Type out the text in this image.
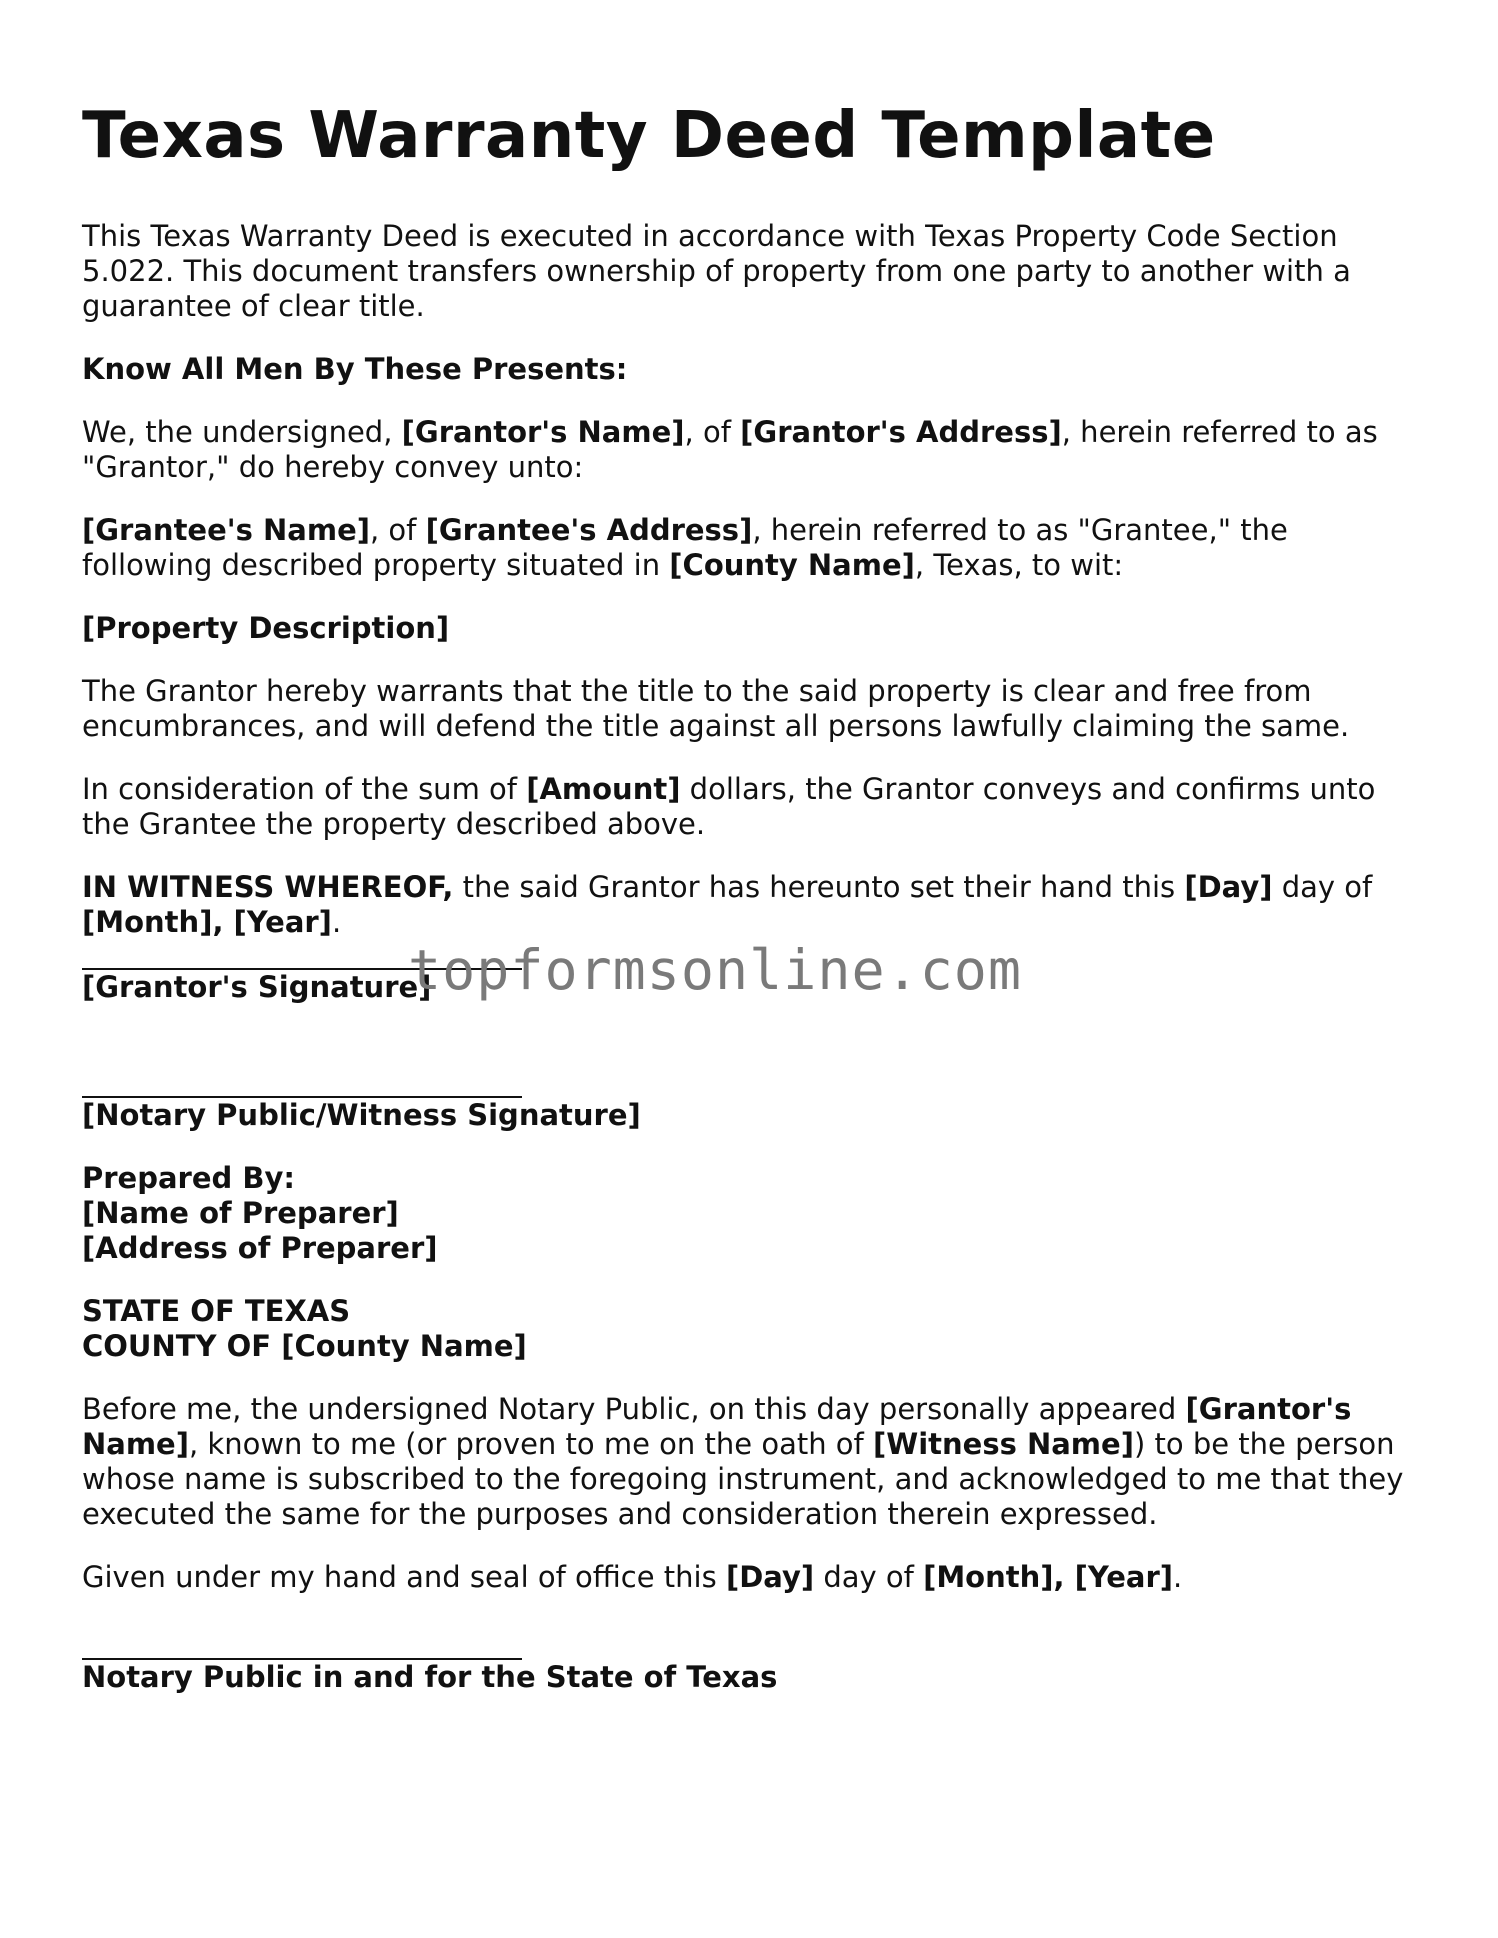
Texas Warranty Deed Template

This Texas Warranty Deed is executed in accordance with Texas Property Code Section 5.022. This document transfers ownership of property from one party to another with a guarantee of clear title.

Know All Men By These Presents:

We, the undersigned, [Grantor's Name], of [Grantor's Address], herein referred to as "Grantor," do hereby convey unto:

[Grantee's Name], of [Grantee's Address], herein referred to as "Grantee," the following described property situated in [County Name], Texas, to wit:

[Property Description]

The Grantor hereby warrants that the title to the said property is clear and free from encumbrances, and will defend the title against all persons lawfully claiming the same.

In consideration of the sum of [Amount] dollars, the Grantor conveys and confirms unto the Grantee the property described above.

IN WITNESS WHEREOF, the said Grantor has hereunto set their hand this [Day] day of [Month], [Year].

[Grantor's Signature]

[Notary Public/Witness Signature]

Prepared By:
[Name of Preparer]
[Address of Preparer]

STATE OF TEXAS
COUNTY OF [County Name]

Before me, the undersigned Notary Public, on this day personally appeared [Grantor's Name], known to me (or proven to me on the oath of [Witness Name]) to be the person whose name is subscribed to the foregoing instrument, and acknowledged to me that they executed the same for the purposes and consideration therein expressed.

Given under my hand and seal of office this [Day] day of [Month], [Year].

Notary Public in and for the State of Texas

topformsonline.com
